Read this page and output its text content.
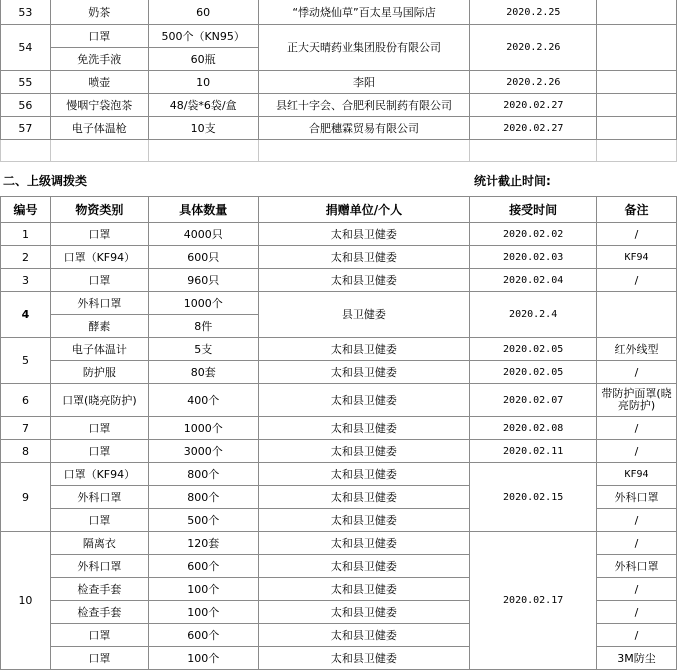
53	奶茶	60	“悸动烧仙草”百太星马国际店	2020.2.25	
54	口罩	500个（KN95）	正大天晴药业集团股份有限公司	2020.2.26	
	免洗手液	60瓶			
55	喷壶	10	李阳	2020.2.26	
56	慢咽宁袋泡茶	48/袋*6袋/盒	县红十字会、合肥利民制药有限公司	2020.02.27	
57	电子体温枪	10支	合肥穗霖贸易有限公司	2020.02.27	

二、上级调拨类	统计截止时间:
编号	物资类别	具体数量	捐赠单位/个人	接受时间	备注
1	口罩	4000只	太和县卫健委	2020.02.02	/
2	口罩（KF94）	600只	太和县卫健委	2020.02.03	KF94
3	口罩	960只	太和县卫健委	2020.02.04	/
4	外科口罩	1000个	县卫健委	2020.2.4	
	酵素	8件			
5	电子体温计	5支	太和县卫健委	2020.02.05	红外线型
	防护服	80套	太和县卫健委	2020.02.05	/
6	口罩(晓亮防护)	400个	太和县卫健委	2020.02.07	带防护面罩(晓亮防护)
7	口罩	1000个	太和县卫健委	2020.02.08	/
8	口罩	3000个	太和县卫健委	2020.02.11	/
9	口罩（KF94）	800个	太和县卫健委	2020.02.15	KF94
	外科口罩	800个	太和县卫健委		外科口罩
	口罩	500个	太和县卫健委		/
10	隔离衣	120套	太和县卫健委	2020.02.17	/
	外科口罩	600个	太和县卫健委		外科口罩
	检查手套	100个	太和县卫健委		/
	检查手套	100个	太和县卫健委		/
	口罩	600个	太和县卫健委		/
	口罩	100个	太和县卫健委		3M防尘
